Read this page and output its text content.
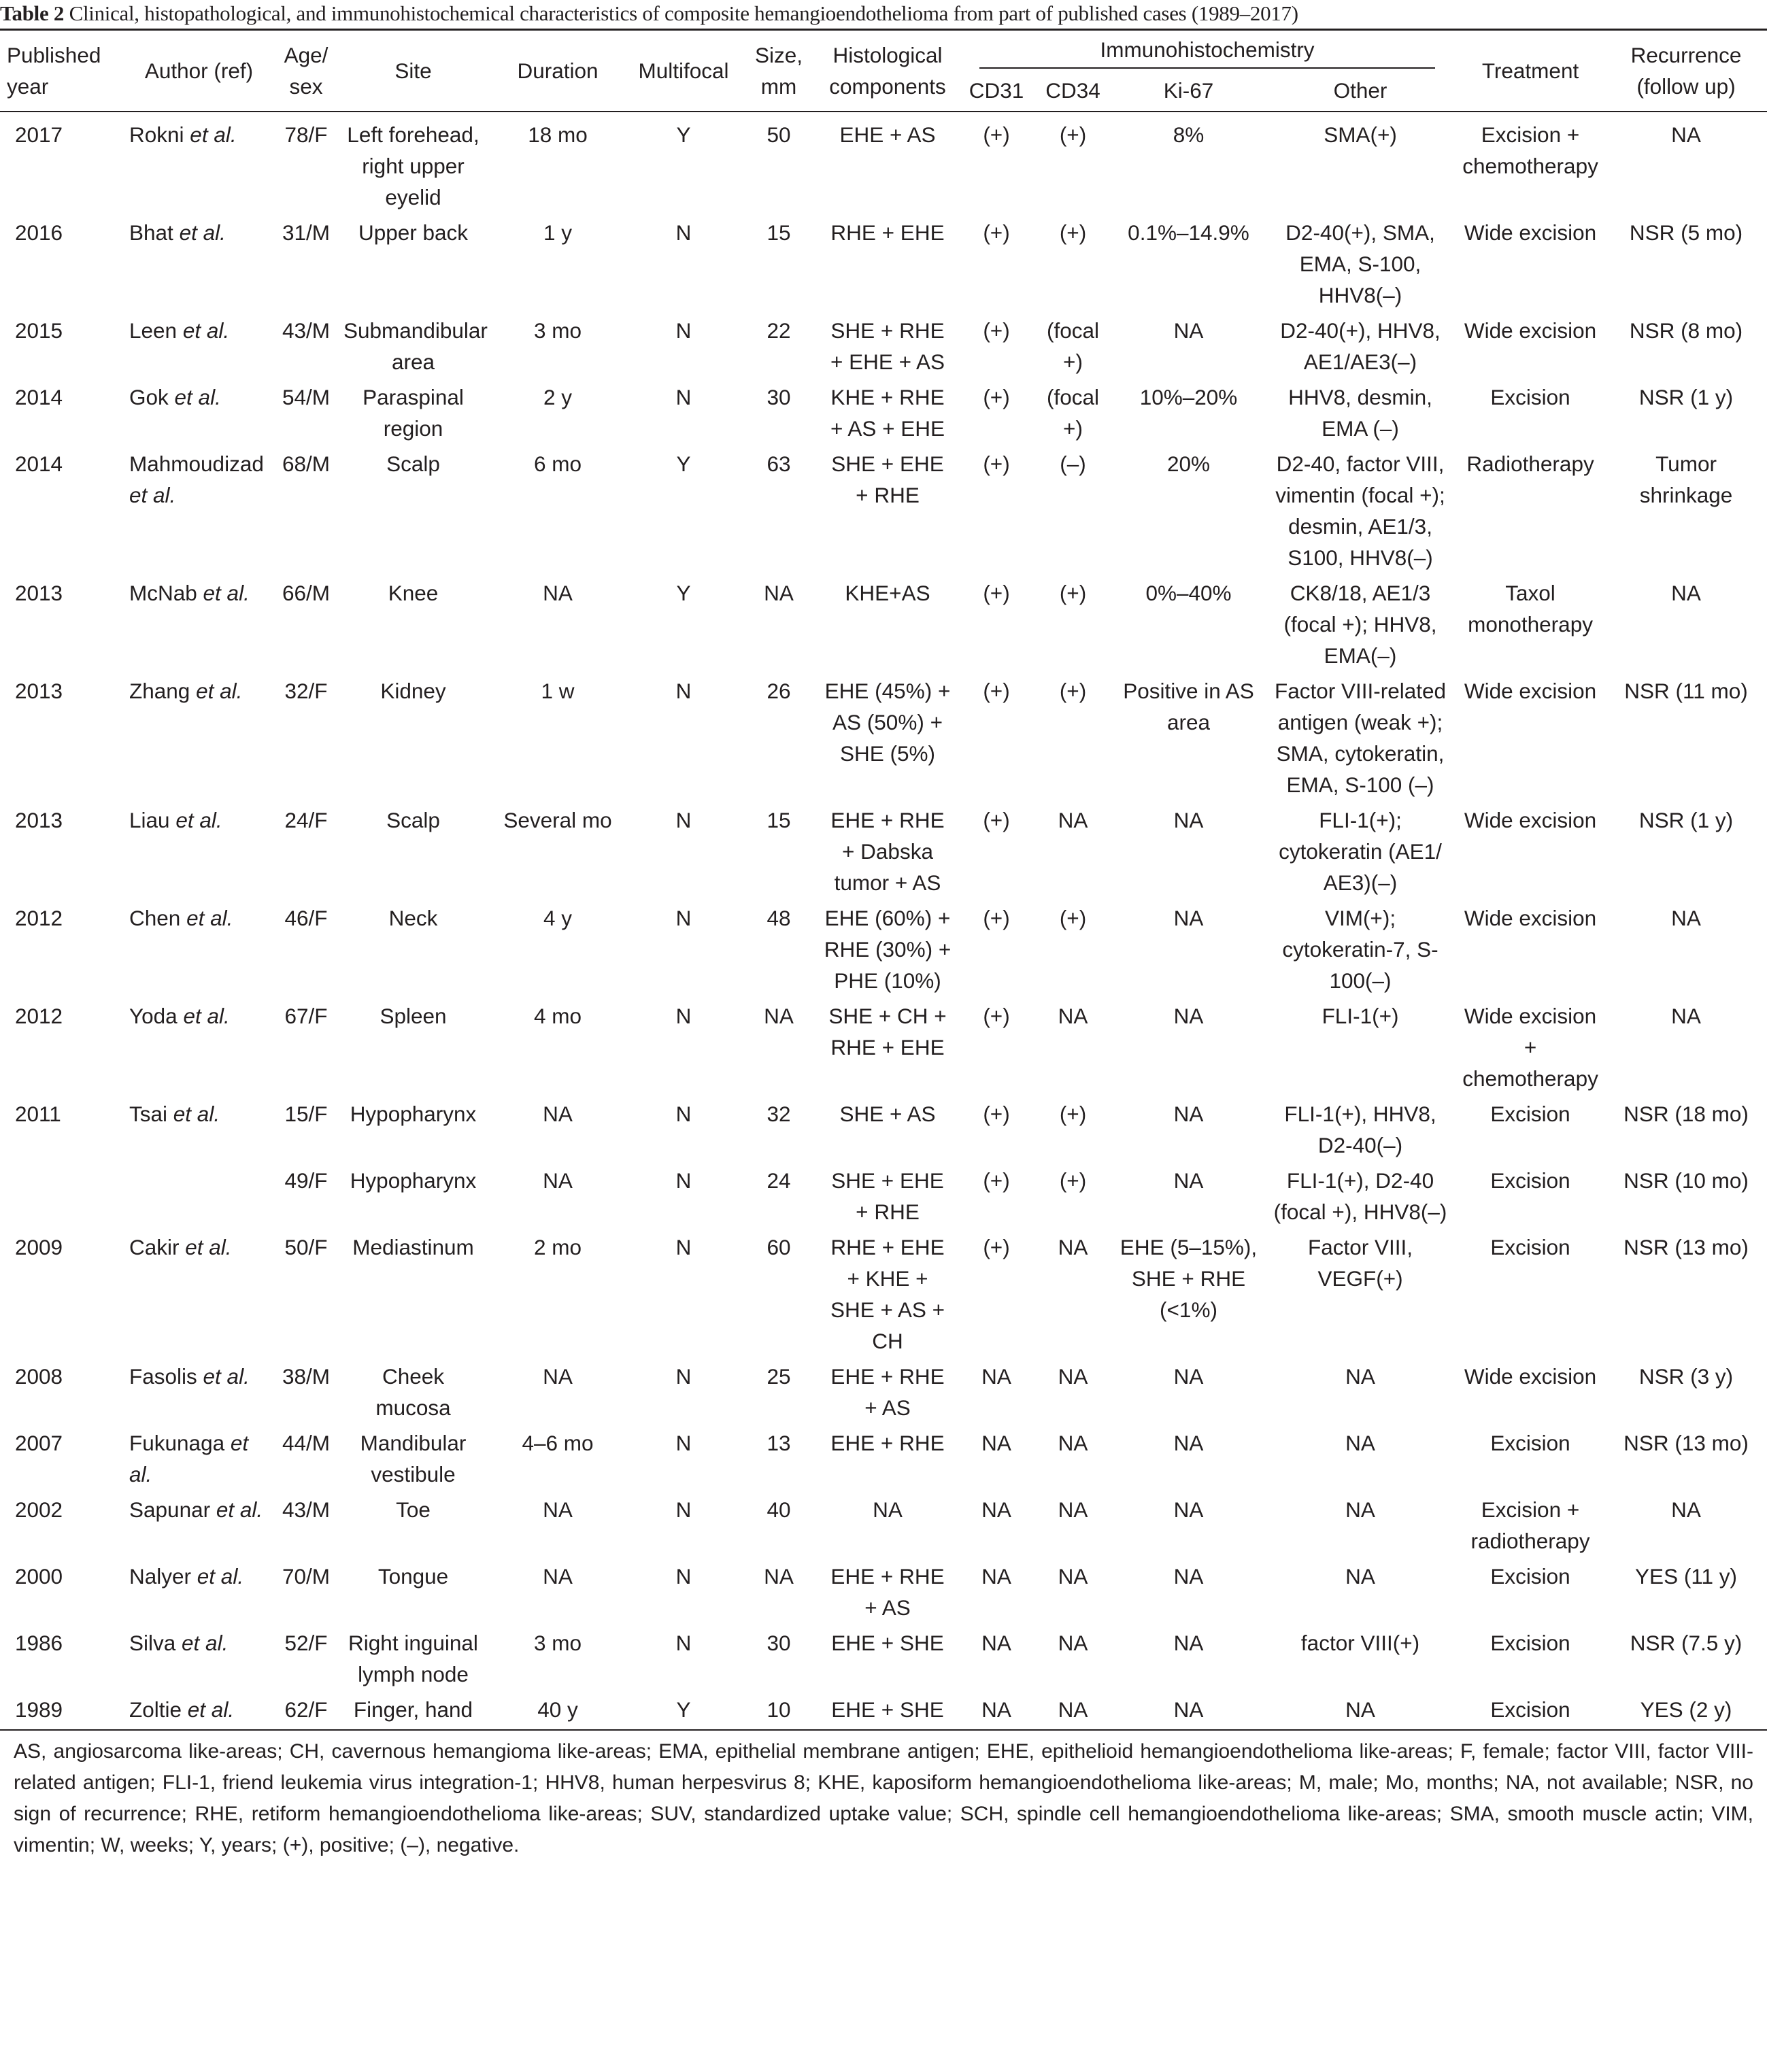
Table 2 Clinical, histopathological, and immunohistochemical characteristics of composite hemangioendothelioma from part of published cases (1989–2017)
Published year	Author (ref)	Age/ sex	Site	Duration	Multifocal	Size, mm	Histological components	Immunohistochemistry				Treatment	Recurrence (follow up)
								CD31	CD34	Ki-67	Other		
2017	Rokni et al.	78/F	Left forehead, right upper eyelid	18 mo	Y	50	EHE + AS	(+)	(+)	8%	SMA(+)	Excision + chemotherapy	NA
2016	Bhat et al.	31/M	Upper back	1 y	N	15	RHE + EHE	(+)	(+)	0.1%–14.9%	D2-40(+), SMA, EMA, S-100, HHV8(–)	Wide excision	NSR (5 mo)
2015	Leen et al.	43/M	Submandibular area	3 mo	N	22	SHE + RHE + EHE + AS	(+)	(focal +)	NA	D2-40(+), HHV8, AE1/AE3(–)	Wide excision	NSR (8 mo)
2014	Gok et al.	54/M	Paraspinal region	2 y	N	30	KHE + RHE + AS + EHE	(+)	(focal +)	10%–20%	HHV8, desmin, EMA (–)	Excision	NSR (1 y)
2014	Mahmoudizad et al.	68/M	Scalp	6 mo	Y	63	SHE + EHE + RHE	(+)	(–)	20%	D2-40, factor VIII, vimentin (focal +); desmin, AE1/3, S100, HHV8(–)	Radiotherapy	Tumor shrinkage
2013	McNab et al.	66/M	Knee	NA	Y	NA	KHE+AS	(+)	(+)	0%–40%	CK8/18, AE1/3 (focal +); HHV8, EMA(–)	Taxol monotherapy	NA
2013	Zhang et al.	32/F	Kidney	1 w	N	26	EHE (45%) + AS (50%) + SHE (5%)	(+)	(+)	Positive in AS area	Factor VIII-related antigen (weak +); SMA, cytokeratin, EMA, S-100 (–)	Wide excision	NSR (11 mo)
2013	Liau et al.	24/F	Scalp	Several mo	N	15	EHE + RHE + Dabska tumor + AS	(+)	NA	NA	FLI-1(+); cytokeratin (AE1/ AE3)(–)	Wide excision	NSR (1 y)
2012	Chen et al.	46/F	Neck	4 y	N	48	EHE (60%) + RHE (30%) + PHE (10%)	(+)	(+)	NA	VIM(+); cytokeratin-7, S-100(–)	Wide excision	NA
2012	Yoda et al.	67/F	Spleen	4 mo	N	NA	SHE + CH + RHE + EHE	(+)	NA	NA	FLI-1(+)	Wide excision + chemotherapy	NA
2011	Tsai et al.	15/F	Hypopharynx	NA	N	32	SHE + AS	(+)	(+)	NA	FLI-1(+), HHV8, D2-40(–)	Excision	NSR (18 mo)
		49/F	Hypopharynx	NA	N	24	SHE + EHE + RHE	(+)	(+)	NA	FLI-1(+), D2-40 (focal +), HHV8(–)	Excision	NSR (10 mo)
2009	Cakir et al.	50/F	Mediastinum	2 mo	N	60	RHE + EHE + KHE + SHE + AS + CH	(+)	NA	EHE (5–15%), SHE + RHE (<1%)	Factor VIII, VEGF(+)	Excision	NSR (13 mo)
2008	Fasolis et al.	38/M	Cheek mucosa	NA	N	25	EHE + RHE + AS	NA	NA	NA	NA	Wide excision	NSR (3 y)
2007	Fukunaga et al.	44/M	Mandibular vestibule	4–6 mo	N	13	EHE + RHE	NA	NA	NA	NA	Excision	NSR (13 mo)
2002	Sapunar et al.	43/M	Toe	NA	N	40	NA	NA	NA	NA	NA	Excision + radiotherapy	NA
2000	Nalyer et al.	70/M	Tongue	NA	N	NA	EHE + RHE + AS	NA	NA	NA	NA	Excision	YES (11 y)
1986	Silva et al.	52/F	Right inguinal lymph node	3 mo	N	30	EHE + SHE	NA	NA	NA	factor VIII(+)	Excision	NSR (7.5 y)
1989	Zoltie et al.	62/F	Finger, hand	40 y	Y	10	EHE + SHE	NA	NA	NA	NA	Excision	YES (2 y)
AS, angiosarcoma like-areas; CH, cavernous hemangioma like-areas; EMA, epithelial membrane antigen; EHE, epithelioid hemangioendothelioma like-areas; F, female; factor VIII, factor VIII-related antigen; FLI-1, friend leukemia virus integration-1; HHV8, human herpesvirus 8; KHE, kaposiform hemangioendothelioma like-areas; M, male; Mo, months; NA, not available; NSR, no sign of recurrence; RHE, retiform hemangioendothelioma like-areas; SUV, standardized uptake value; SCH, spindle cell hemangioendothelioma like-areas; SMA, smooth muscle actin; VIM, vimentin; W, weeks; Y, years; (+), positive; (–), negative.
